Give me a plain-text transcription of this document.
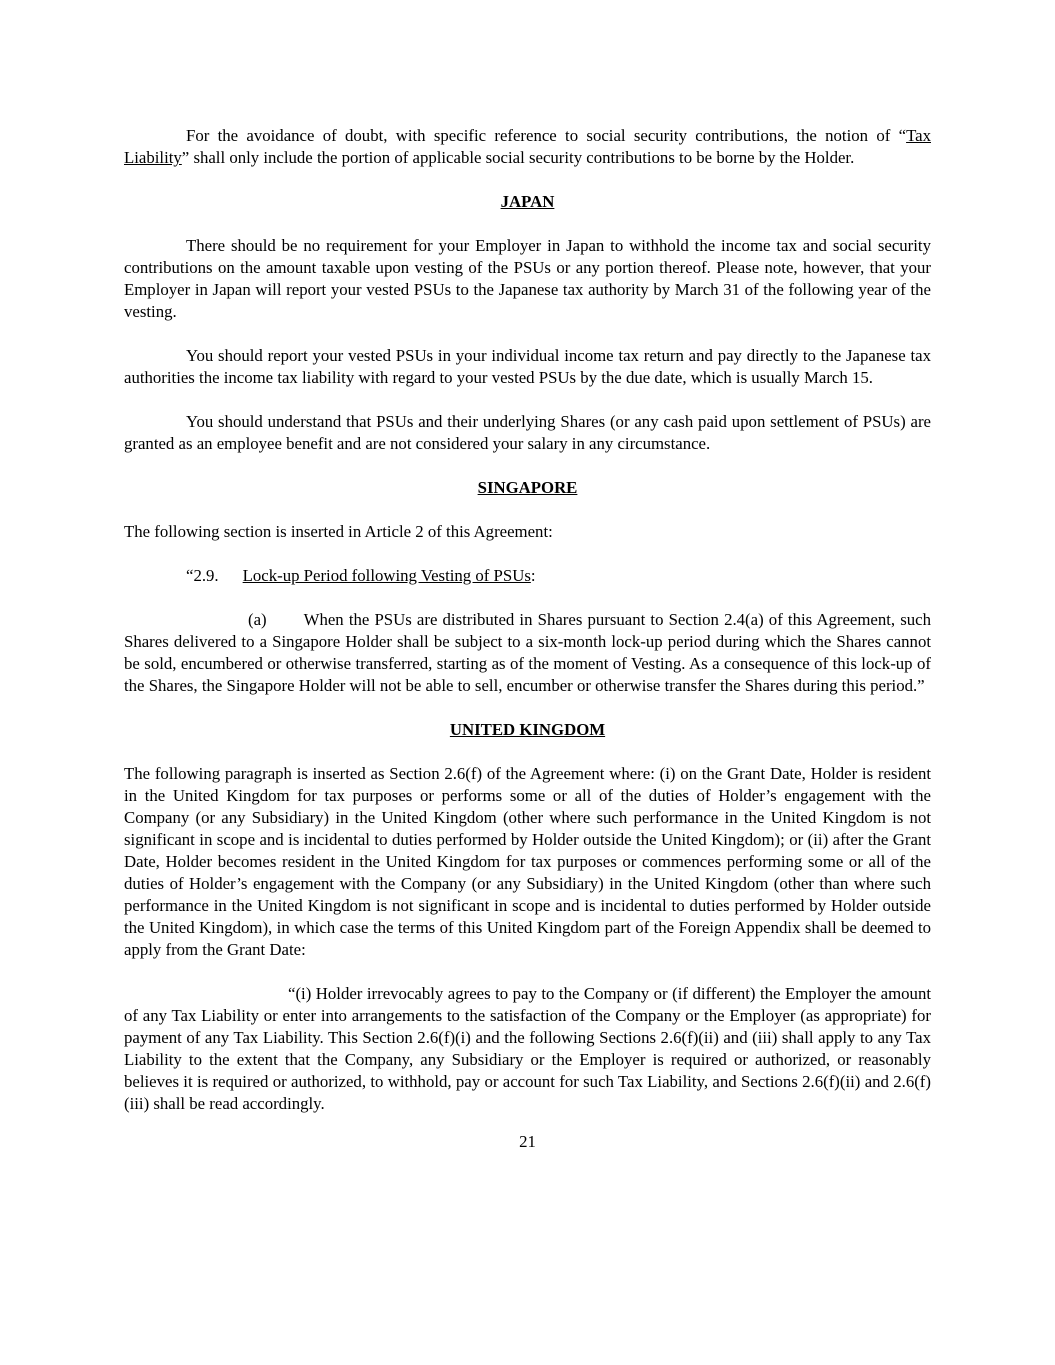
For the avoidance of doubt, with specific reference to social security contributions, the notion of “Tax Liability” shall only include the portion of applicable social security contributions to be borne by the Holder.

JAPAN

There should be no requirement for your Employer in Japan to withhold the income tax and social security contributions on the amount taxable upon vesting of the PSUs or any portion thereof. Please note, however, that your Employer in Japan will report your vested PSUs to the Japanese tax authority by March 31 of the following year of the vesting.

You should report your vested PSUs in your individual income tax return and pay directly to the Japanese tax authorities the income tax liability with regard to your vested PSUs by the due date, which is usually March 15.

You should understand that PSUs and their underlying Shares (or any cash paid upon settlement of PSUs) are granted as an employee benefit and are not considered your salary in any circumstance.

SINGAPORE

The following section is inserted in Article 2 of this Agreement:

“2.9. Lock-up Period following Vesting of PSUs:

(a) When the PSUs are distributed in Shares pursuant to Section 2.4(a) of this Agreement, such Shares delivered to a Singapore Holder shall be subject to a six-month lock-up period during which the Shares cannot be sold, encumbered or otherwise transferred, starting as of the moment of Vesting. As a consequence of this lock-up of the Shares, the Singapore Holder will not be able to sell, encumber or otherwise transfer the Shares during this period.”

UNITED KINGDOM

The following paragraph is inserted as Section 2.6(f) of the Agreement where: (i) on the Grant Date, Holder is resident in the United Kingdom for tax purposes or performs some or all of the duties of Holder’s engagement with the Company (or any Subsidiary) in the United Kingdom (other where such performance in the United Kingdom is not significant in scope and is incidental to duties performed by Holder outside the United Kingdom); or (ii) after the Grant Date, Holder becomes resident in the United Kingdom for tax purposes or commences performing some or all of the duties of Holder’s engagement with the Company (or any Subsidiary) in the United Kingdom (other than where such performance in the United Kingdom is not significant in scope and is incidental to duties performed by Holder outside the United Kingdom), in which case the terms of this United Kingdom part of the Foreign Appendix shall be deemed to apply from the Grant Date:

“(i) Holder irrevocably agrees to pay to the Company or (if different) the Employer the amount of any Tax Liability or enter into arrangements to the satisfaction of the Company or the Employer (as appropriate) for payment of any Tax Liability. This Section 2.6(f)(i) and the following Sections 2.6(f)(ii) and (iii) shall apply to any Tax Liability to the extent that the Company, any Subsidiary or the Employer is required or authorized, or reasonably believes it is required or authorized, to withhold, pay or account for such Tax Liability, and Sections 2.6(f)(ii) and 2.6(f)(iii) shall be read accordingly.

21
